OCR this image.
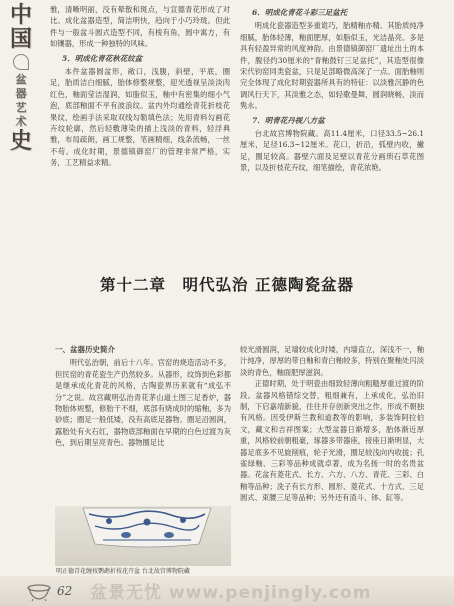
中
国
盆
器
艺
术
史

雅，清晰明丽，没有晕散和斑点，与宣德青花形成了对比。成化盆器造型，简洁明快，趋向于小巧玲珑。但此件与一般盆斗圆式造型不同，有棱有角，圆中寓方，有如镶器，形成一种独特的风味。

5．明成化青花秋花纹盆

本件盆器圆盆形，敞口，浅腹，斜壁，平底，圈足，胎质洁白细腻，胎体修整规整，迎光透视呈淡淡肉红色，釉面莹洁湿润，如脂似玉，釉中有密集的细小气泡，底部釉面不平有波浪纹。盆内外均通绘青花折枝花果纹，绘画手法采取双线勾勒填色法；先用青料勾画花卉纹轮廓，然后轻敷薄染的描上浅淡的青料，轻浮典雅，布局疏朗，画工规整，笔画精细，线条流畅，一丝不苟。成化时期，景德镇御窑厂的管理非常严格，实务，工艺精益求精。

6．明成化青花斗彩三足盆托

明成化瓷器造型多重诡巧，胎精釉亦精。其胎质纯净细腻，胎体轻薄，釉面肥厚，如脂似玉，光洁晶亮。多是具有轻盈异常的风度神韵。由景德镇御窑厂遗址出土的本件，腹径约30厘米的“青釉鼓钉三足盆托”，其造型很像宋代钧窑同类瓷盆，只是足部略微高深了一点。面胎釉则完全体现了成化时期瓷器所具有的特征：以淡雅沉静的色调风行天下，其淡雅之态，如轻歌曼舞，圆润晓畅，淡而隽永。

7．明青花丹视八方盆

台北故宫博物院藏。高11.4厘米，口径33.5~26.1厘米，足径16.3~12厘米。花口，折沿，弧壁内收，撇足，圈足较高。器壁六面及足壁以青花分画琐石草花图景，以及折枝花卉纹，细笔描绘，青花浓艳。

第十二章　明代弘治 正德陶瓷盆器
一、盆器历史简介

明代弘治朝，前后十八年。官窑的烧造活动不多，但民窑的青花瓷生产仍然较多。从器形，纹饰到色彩都是继承成化青花的风格，古陶瓷界历来就有“成弘不分”之说。故宫藏明弘治青花茅山道土图三足香炉，器物胎体规整，修胎干不细，底部有烧成时的缩釉，多为砂底；圈足一般低矮，没有高底足器物。圈足沿圆润，露胎处有火石红，器物底部釉面在早期的白色过渡为灰色，到后期呈亮青色。器物圈足比

较光滑圆润，足墙较成化时矮，内墙直立，深浅不一，釉汁纯净，厚厚的带白釉和青白釉较多，特别在聚釉处闪淡淡的青色，釉面肥厚滋润。

正德时期，处于明瓷由细致轻薄向粗糙厚重过渡的阶段。盆器风格错综交替，粗细兼有，上承成化，弘治旧制，下启嘉靖新貌，往往并存创新突出之作，形成不朝独有风格。因受伊斯兰教和道教等的影响，多装饰阿拉伯文，藏文和吉祥图案；大型盆器日渐增多，胎体渐近厚重，风格较前朝粗豪，琢器多带器座，接座日渐明显，大器足底多不见旋削痕，轮子光滑，圈足较浅向内收拢；孔雀绿釉、三彩等品种成就卓著，成为名扬一时的名贵盆器。花盆有菱花式、长方、六方、八方、青花、三彩、白釉等品种；洗子有长方形、圆形、菱花式、十方式、三足圆式、束腰三足等品种；另外还有渣斗、钵、缸等。

明正德青花缠枝鹦鹉折枝花卉盆 台北故宫博物院藏
62 盆景无忧 www.penjingly.com
